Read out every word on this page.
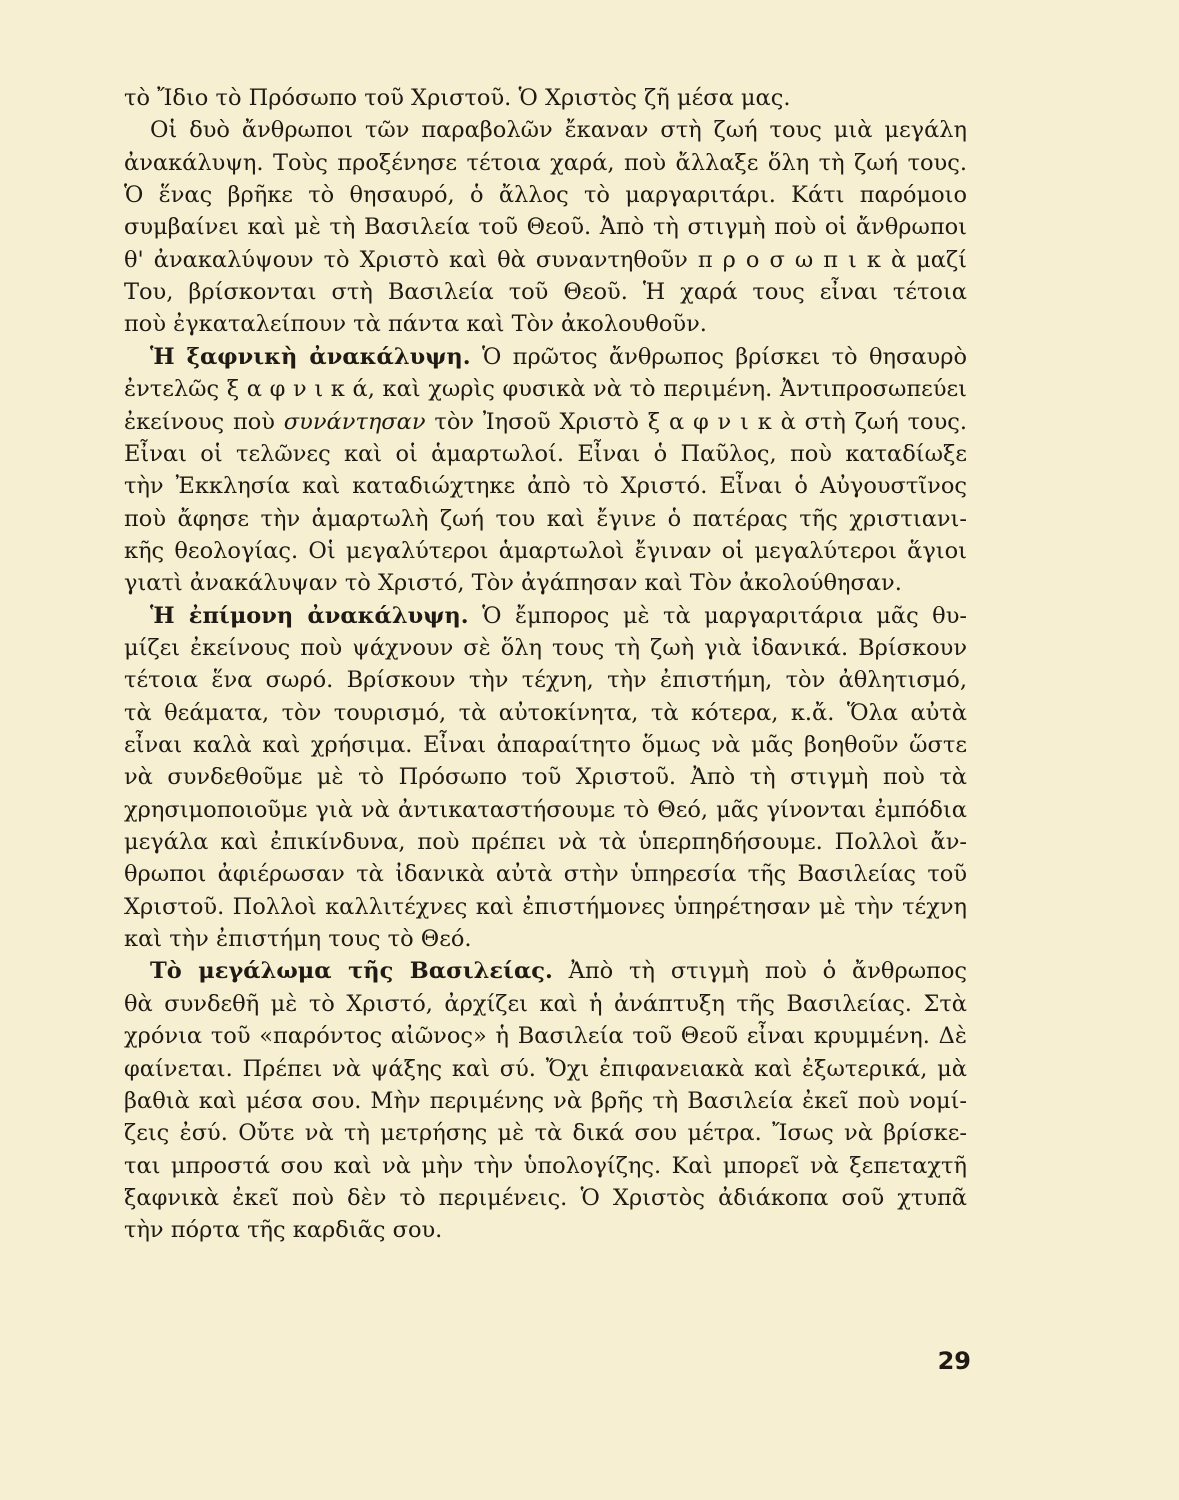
τὸ Ἴδιο τὸ Πρόσωπο τοῦ Χριστοῦ. Ὁ Χριστὸς ζῆ μέσα μας.
Οἱ δυὸ ἄνθρωποι τῶν παραβολῶν ἔκαναν στὴ ζωή τους μιὰ μεγάλη
ἀνακάλυψη. Τοὺς προξένησε τέτοια χαρά, ποὺ ἄλλαξε ὅλη τὴ ζωή τους.
Ὁ ἕνας βρῆκε τὸ θησαυρό, ὁ ἄλλος τὸ μαργαριτάρι. Κάτι παρόμοιο
συμβαίνει καὶ μὲ τὴ Βασιλεία τοῦ Θεοῦ. Ἀπὸ τὴ στιγμὴ ποὺ οἱ ἄνθρωποι
θ' ἀνακαλύψουν τὸ Χριστὸ καὶ θὰ συναντηθοῦν π ρ ο σ ω π ι κ ὰ μαζί
Του, βρίσκονται στὴ Βασιλεία τοῦ Θεοῦ. Ἡ χαρά τους εἶναι τέτοια
ποὺ ἐγκαταλείπουν τὰ πάντα καὶ Τὸν ἀκολουθοῦν.
Ἡ ξαφνικὴ ἀνακάλυψη. Ὁ πρῶτος ἄνθρωπος βρίσκει τὸ θησαυρὸ
ἐντελῶς ξ α φ ν ι κ ά, καὶ χωρὶς φυσικὰ νὰ τὸ περιμένη. Ἀντιπροσωπεύει
ἐκείνους ποὺ συνάντησαν τὸν Ἰησοῦ Χριστὸ ξ α φ ν ι κ ὰ στὴ ζωή τους.
Εἶναι οἱ τελῶνες καὶ οἱ ἁμαρτωλοί. Εἶναι ὁ Παῦλος, ποὺ καταδίωξε
τὴν Ἐκκλησία καὶ καταδιώχτηκε ἀπὸ τὸ Χριστό. Εἶναι ὁ Αὐγουστῖνος
ποὺ ἄφησε τὴν ἁμαρτωλὴ ζωή του καὶ ἔγινε ὁ πατέρας τῆς χριστιανι-
κῆς θεολογίας. Οἱ μεγαλύτεροι ἁμαρτωλοὶ ἔγιναν οἱ μεγαλύτεροι ἅγιοι
γιατὶ ἀνακάλυψαν τὸ Χριστό, Τὸν ἀγάπησαν καὶ Τὸν ἀκολούθησαν.
Ἡ ἐπίμονη ἀνακάλυψη. Ὁ ἔμπορος μὲ τὰ μαργαριτάρια μᾶς θυ-
μίζει ἐκείνους ποὺ ψάχνουν σὲ ὅλη τους τὴ ζωὴ γιὰ ἰδανικά. Βρίσκουν
τέτοια ἕνα σωρό. Βρίσκουν τὴν τέχνη, τὴν ἐπιστήμη, τὸν ἀθλητισμό,
τὰ θεάματα, τὸν τουρισμό, τὰ αὐτοκίνητα, τὰ κότερα, κ.ἄ. Ὅλα αὐτὰ
εἶναι καλὰ καὶ χρήσιμα. Εἶναι ἀπαραίτητο ὅμως νὰ μᾶς βοηθοῦν ὥστε
νὰ συνδεθοῦμε μὲ τὸ Πρόσωπο τοῦ Χριστοῦ. Ἀπὸ τὴ στιγμὴ ποὺ τὰ
χρησιμοποιοῦμε γιὰ νὰ ἀντικαταστήσουμε τὸ Θεό, μᾶς γίνονται ἐμπόδια
μεγάλα καὶ ἐπικίνδυνα, ποὺ πρέπει νὰ τὰ ὑπερπηδήσουμε. Πολλοὶ ἄν-
θρωποι ἀφιέρωσαν τὰ ἰδανικὰ αὐτὰ στὴν ὑπηρεσία τῆς Βασιλείας τοῦ
Χριστοῦ. Πολλοὶ καλλιτέχνες καὶ ἐπιστήμονες ὑπηρέτησαν μὲ τὴν τέχνη
καὶ τὴν ἐπιστήμη τους τὸ Θεό.
Τὸ μεγάλωμα τῆς Βασιλείας. Ἀπὸ τὴ στιγμὴ ποὺ ὁ ἄνθρωπος
θὰ συνδεθῆ μὲ τὸ Χριστό, ἀρχίζει καὶ ἡ ἀνάπτυξη τῆς Βασιλείας. Στὰ
χρόνια τοῦ «παρόντος αἰῶνος» ἡ Βασιλεία τοῦ Θεοῦ εἶναι κρυμμένη. Δὲ
φαίνεται. Πρέπει νὰ ψάξης καὶ σύ. Ὄχι ἐπιφανειακὰ καὶ ἐξωτερικά, μὰ
βαθιὰ καὶ μέσα σου. Μὴν περιμένης νὰ βρῆς τὴ Βασιλεία ἐκεῖ ποὺ νομί-
ζεις ἐσύ. Οὔτε νὰ τὴ μετρήσης μὲ τὰ δικά σου μέτρα. Ἴσως νὰ βρίσκε-
ται μπροστά σου καὶ νὰ μὴν τὴν ὑπολογίζης. Καὶ μπορεῖ νὰ ξεπεταχτῆ
ξαφνικὰ ἐκεῖ ποὺ δὲν τὸ περιμένεις. Ὁ Χριστὸς ἀδιάκοπα σοῦ χτυπᾶ
τὴν πόρτα τῆς καρδιᾶς σου.
29
